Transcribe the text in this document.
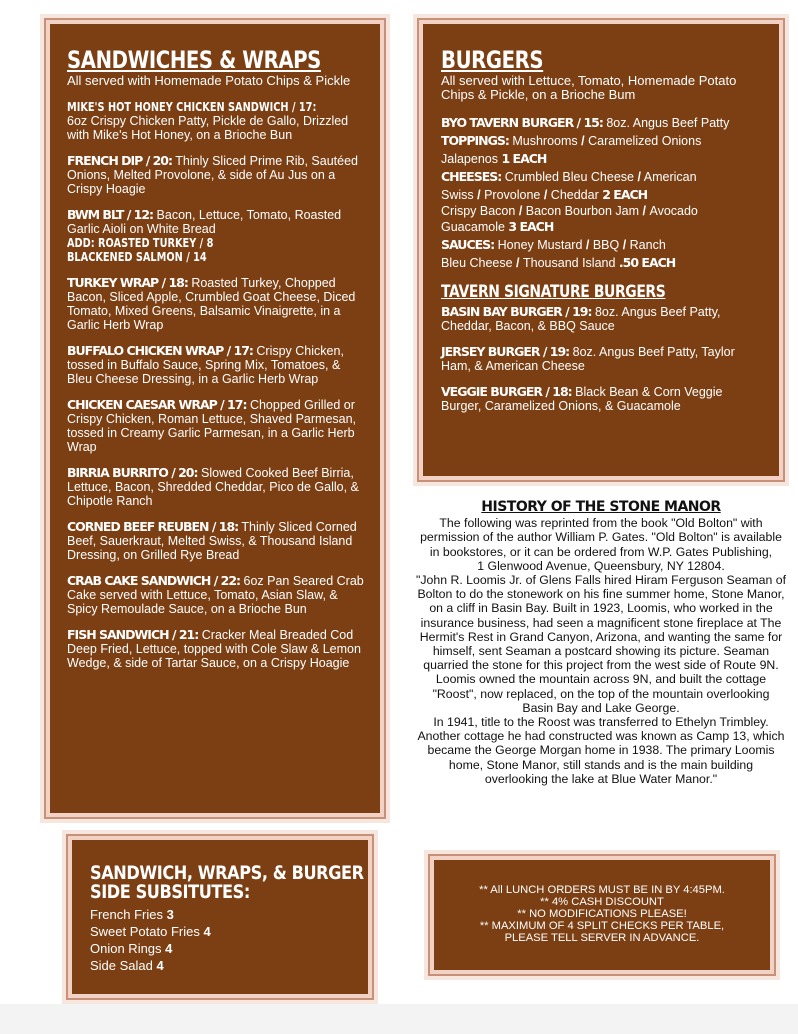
SANDWICHES & WRAPS
All served with Homemade Potato Chips & Pickle
MIKE'S HOT HONEY CHICKEN SANDWICH / 17:
6oz Crispy Chicken Patty, Pickle de Gallo, Drizzled with Mike's Hot Honey, on a Brioche Bun
FRENCH DIP / 20: Thinly Sliced Prime Rib, Sautéed Onions, Melted Provolone, & side of Au Jus on a Crispy Hoagie
BWM BLT / 12: Bacon, Lettuce, Tomato, Roasted Garlic Aioli on White Bread
ADD: ROASTED TURKEY / 8
BLACKENED SALMON / 14
TURKEY WRAP / 18: Roasted Turkey, Chopped Bacon, Sliced Apple, Crumbled Goat Cheese, Diced Tomato, Mixed Greens, Balsamic Vinaigrette, in a Garlic Herb Wrap
BUFFALO CHICKEN WRAP / 17: Crispy Chicken, tossed in Buffalo Sauce, Spring Mix, Tomatoes, & Bleu Cheese Dressing, in a Garlic Herb Wrap
CHICKEN CAESAR WRAP / 17: Chopped Grilled or Crispy Chicken, Roman Lettuce, Shaved Parmesan, tossed in Creamy Garlic Parmesan, in a Garlic Herb Wrap
BIRRIA BURRITO / 20: Slowed Cooked Beef Birria, Lettuce, Bacon, Shredded Cheddar, Pico de Gallo, & Chipotle Ranch
CORNED BEEF REUBEN / 18: Thinly Sliced Corned Beef, Sauerkraut, Melted Swiss, & Thousand Island Dressing, on Grilled Rye Bread
CRAB CAKE SANDWICH / 22: 6oz Pan Seared Crab Cake served with Lettuce, Tomato, Asian Slaw, & Spicy Remoulade Sauce, on a Brioche Bun
FISH SANDWICH / 21: Cracker Meal Breaded Cod Deep Fried, Lettuce, topped with Cole Slaw & Lemon Wedge, & side of Tartar Sauce, on a Crispy Hoagie
SANDWICH, WRAPS, & BURGER
SIDE SUBSITUTES:
French Fries 3
Sweet Potato Fries 4
Onion Rings 4
Side Salad 4
BURGERS
All served with Lettuce, Tomato, Homemade Potato Chips & Pickle, on a Brioche Bum
BYO TAVERN BURGER / 15: 8oz. Angus Beef Patty
TOPPINGS: Mushrooms / Caramelized Onions
Jalapenos 1 EACH
CHEESES: Crumbled Bleu Cheese / American
Swiss / Provolone / Cheddar 2 EACH
Crispy Bacon / Bacon Bourbon Jam / Avocado
Guacamole 3 EACH
SAUCES: Honey Mustard / BBQ / Ranch
Bleu Cheese / Thousand Island .50 EACH
TAVERN SIGNATURE BURGERS
BASIN BAY BURGER / 19: 8oz. Angus Beef Patty, Cheddar, Bacon, & BBQ Sauce
JERSEY BURGER / 19: 8oz. Angus Beef Patty, Taylor Ham, & American Cheese
VEGGIE BURGER / 18: Black Bean & Corn Veggie Burger, Caramelized Onions, & Guacamole
HISTORY OF THE STONE MANOR
The following was reprinted from the book "Old Bolton" with permission of the author William P. Gates. "Old Bolton" is available in bookstores, or it can be ordered from W.P. Gates Publishing,
1 Glenwood Avenue, Queensbury, NY 12804.
"John R. Loomis Jr. of Glens Falls hired Hiram Ferguson Seaman of Bolton to do the stonework on his fine summer home, Stone Manor, on a cliff in Basin Bay. Built in 1923, Loomis, who worked in the insurance business, had seen a magnificent stone fireplace at The Hermit's Rest in Grand Canyon, Arizona, and wanting the same for himself, sent Seaman a postcard showing its picture. Seaman quarried the stone for this project from the west side of Route 9N. Loomis owned the mountain across 9N, and built the cottage "Roost", now replaced, on the top of the mountain overlooking Basin Bay and Lake George.
In 1941, title to the Roost was transferred to Ethelyn Trimbley. Another cottage he had constructed was known as Camp 13, which became the George Morgan home in 1938. The primary Loomis home, Stone Manor, still stands and is the main building overlooking the lake at Blue Water Manor."
** All LUNCH ORDERS MUST BE IN BY 4:45PM.
** 4% CASH DISCOUNT
** NO MODIFICATIONS PLEASE!
** MAXIMUM OF 4 SPLIT CHECKS PER TABLE,
PLEASE TELL SERVER IN ADVANCE.
